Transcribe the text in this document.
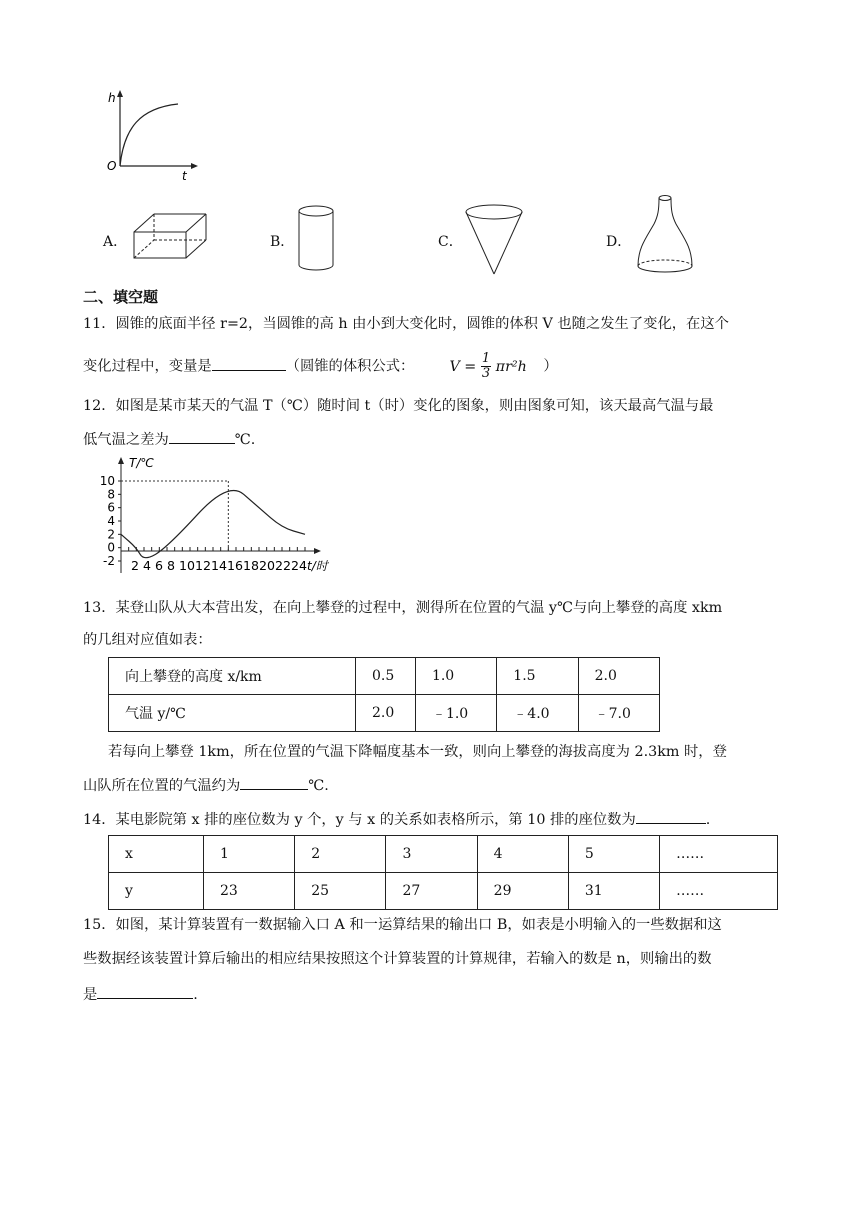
h
t
O
A．	B．	C．	D．
二、填空题
11．圆锥的底面半径 r=2，当圆锥的高 h 由小到大变化时，圆锥的体积 V 也随之发生了变化，在这个
变化过程中，变量是	（圆锥的体积公式： $V = \frac{1}{3} \pi r^2h$ ）
12．如图是某市某天的气温 T（℃）随时间 t（时）变化的图象，则由图象可知，该天最高气温与最
低气温之差为	℃.
10
8
6
4
2
0
-2
T/℃
t/时
2 4 6 8 1012141618202224
13．某登山队从大本营出发，在向上攀登的过程中，测得所在位置的气温 y℃与向上攀登的高度 xkm
的几组对应值如表：
向上攀登的高度 x/km	0.5	1.0	1.5	2.0
气温 y/℃	2.0	﹣1.0	﹣4.0	﹣7.0
若每向上攀登 1km，所在位置的气温下降幅度基本一致，则向上攀登的海拔高度为 2.3km 时，登
山队所在位置的气温约为	℃.
14．某电影院第 x 排的座位数为 y 个，y 与 x 的关系如表格所示，第 10 排的座位数为	.
x	1	2	3	4	5	……
y	23	25	27	29	31	……
15．如图，某计算装置有一数据输入口 A 和一运算结果的输出口 B，如表是小明输入的一些数据和这
些数据经该装置计算后输出的相应结果按照这个计算装置的计算规律，若输入的数是 n，则输出的数
是	.
